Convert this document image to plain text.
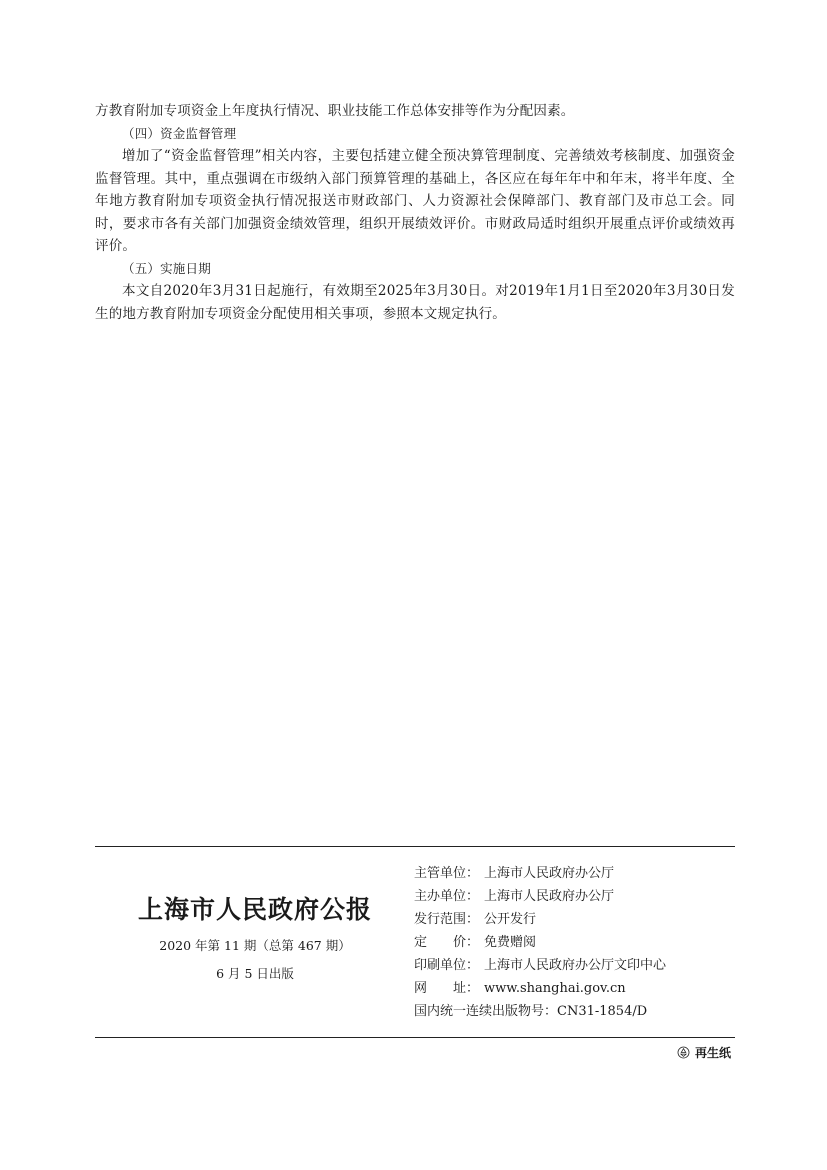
方教育附加专项资金上年度执行情况、职业技能工作总体安排等作为分配因素。

（四）资金监督管理

增加了“资金监督管理”相关内容，主要包括建立健全预决算管理制度、完善绩效考核制度、加强资金监督管理。其中，重点强调在市级纳入部门预算管理的基础上，各区应在每年年中和年末，将半年度、全年地方教育附加专项资金执行情况报送市财政部门、人力资源社会保障部门、教育部门及市总工会。同时，要求市各有关部门加强资金绩效管理，组织开展绩效评价。市财政局适时组织开展重点评价或绩效再评价。

（五）实施日期

本文自2020年3月31日起施行，有效期至2025年3月30日。对2019年1月1日至2020年3月30日发生的地方教育附加专项资金分配使用相关事项，参照本文规定执行。

上海市人民政府公报
2020 年第 11 期（总第 467 期）
6 月 5 日出版
主管单位： 上海市人民政府办公厅
主办单位： 上海市人民政府办公厅
发行范围： 公开发行
定　　价： 免费赠阅
印刷单位： 上海市人民政府办公厅文印中心
网　　址： www.shanghai.gov.cn
国内统一连续出版物号：CN31-1854/D
再生纸
